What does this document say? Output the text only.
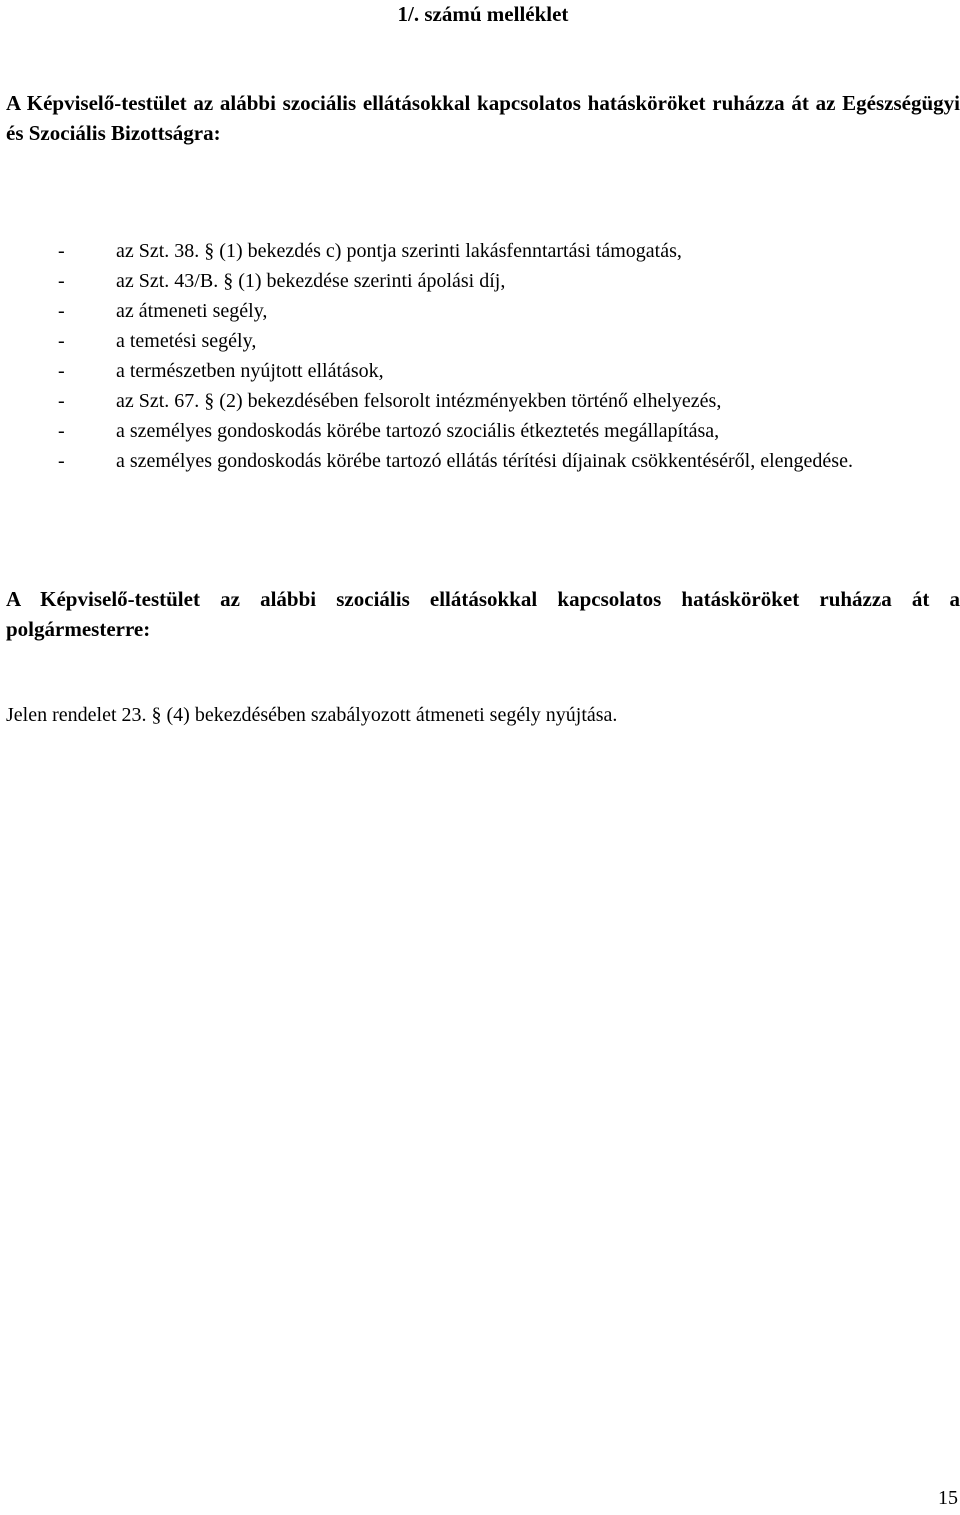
1/. számú melléklet
A Képviselő-testület az alábbi szociális ellátásokkal kapcsolatos hatásköröket ruházza át az Egészségügyi és Szociális Bizottságra:
-	az Szt. 38. § (1) bekezdés c) pontja szerinti lakásfenntartási támogatás,
-	az Szt. 43/B. § (1) bekezdése szerinti ápolási díj,
-	az átmeneti segély,
-	a temetési segély,
-	a természetben nyújtott ellátások,
-	az Szt. 67. § (2) bekezdésében felsorolt intézményekben történő elhelyezés,
-	a személyes gondoskodás körébe tartozó szociális étkeztetés megállapítása,
-	a személyes gondoskodás körébe tartozó ellátás térítési díjainak csökkentéséről, elengedése.
A Képviselő-testület az alábbi szociális ellátásokkal kapcsolatos hatásköröket ruházza át a polgármesterre:
Jelen rendelet 23. § (4) bekezdésében szabályozott átmeneti segély nyújtása.
15
